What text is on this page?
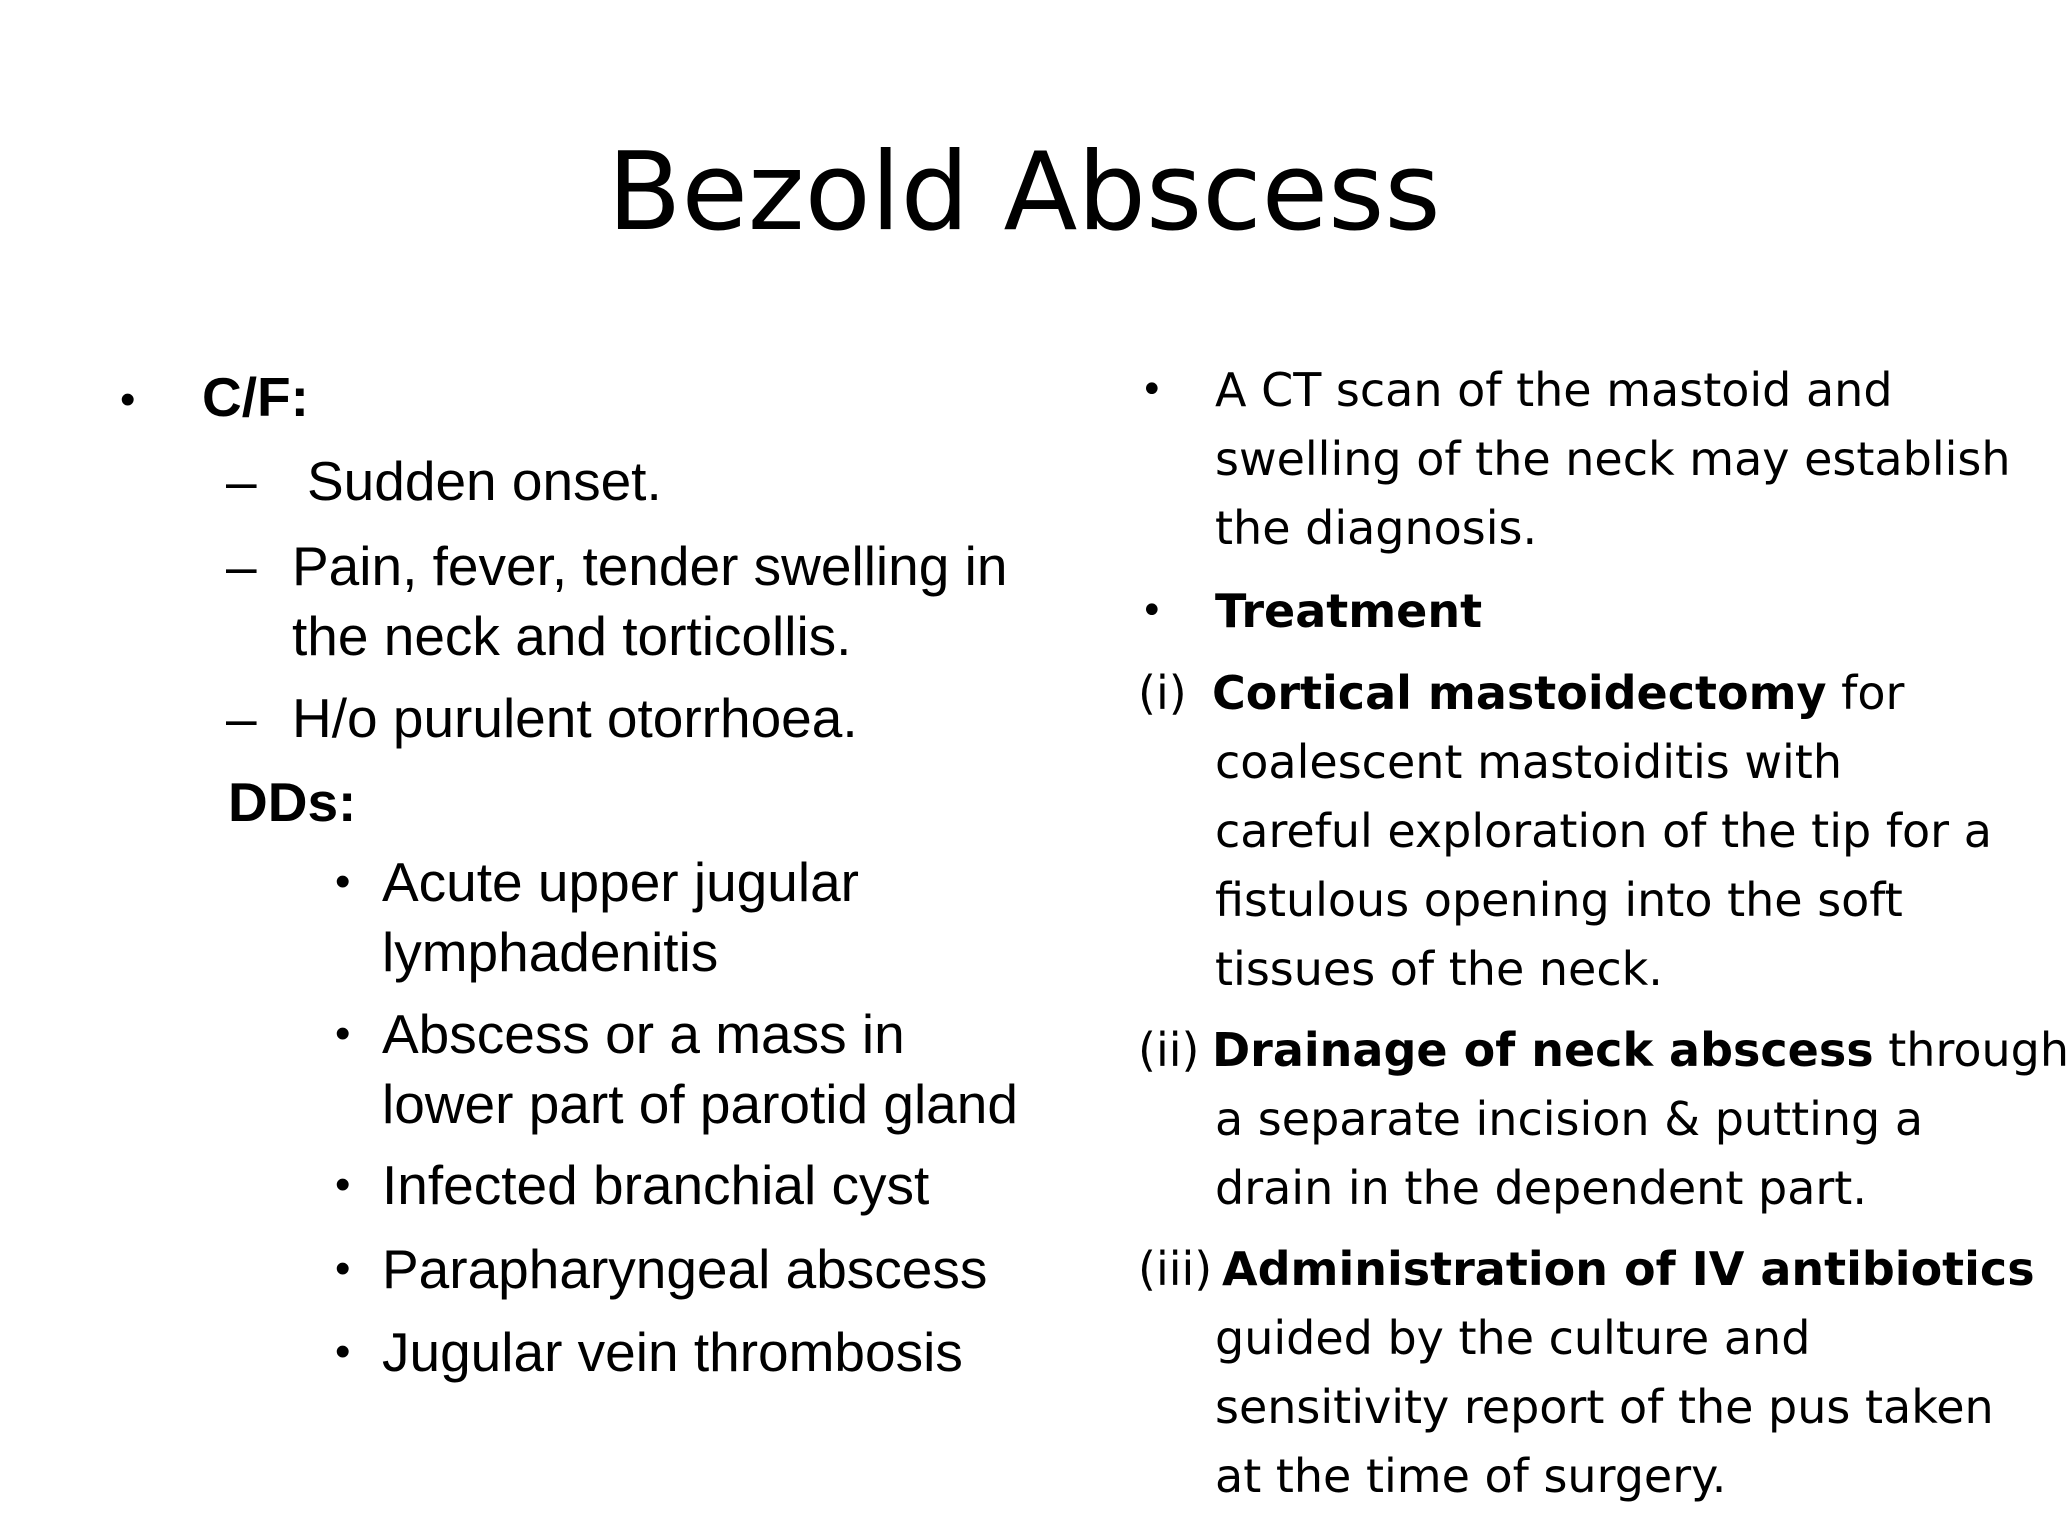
Bezold Abscess
• C/F:
– Sudden onset.
– Pain, fever, tender swelling in
the neck and torticollis.
– H/o purulent otorrhoea.
DDs:
• Acute upper jugular
lymphadenitis
• Abscess or a mass in
lower part of parotid gland
• Infected branchial cyst
• Parapharyngeal abscess
• Jugular vein thrombosis
• A CT scan of the mastoid and
swelling of the neck may establish
the diagnosis.
• Treatment
(i) Cortical mastoidectomy for
coalescent mastoiditis with
careful exploration of the tip for a
fistulous opening into the soft
tissues of the neck.
(ii) Drainage of neck abscess through
a separate incision & putting a
drain in the dependent part.
(iii) Administration of IV antibiotics
guided by the culture and
sensitivity report of the pus taken
at the time of surgery.
